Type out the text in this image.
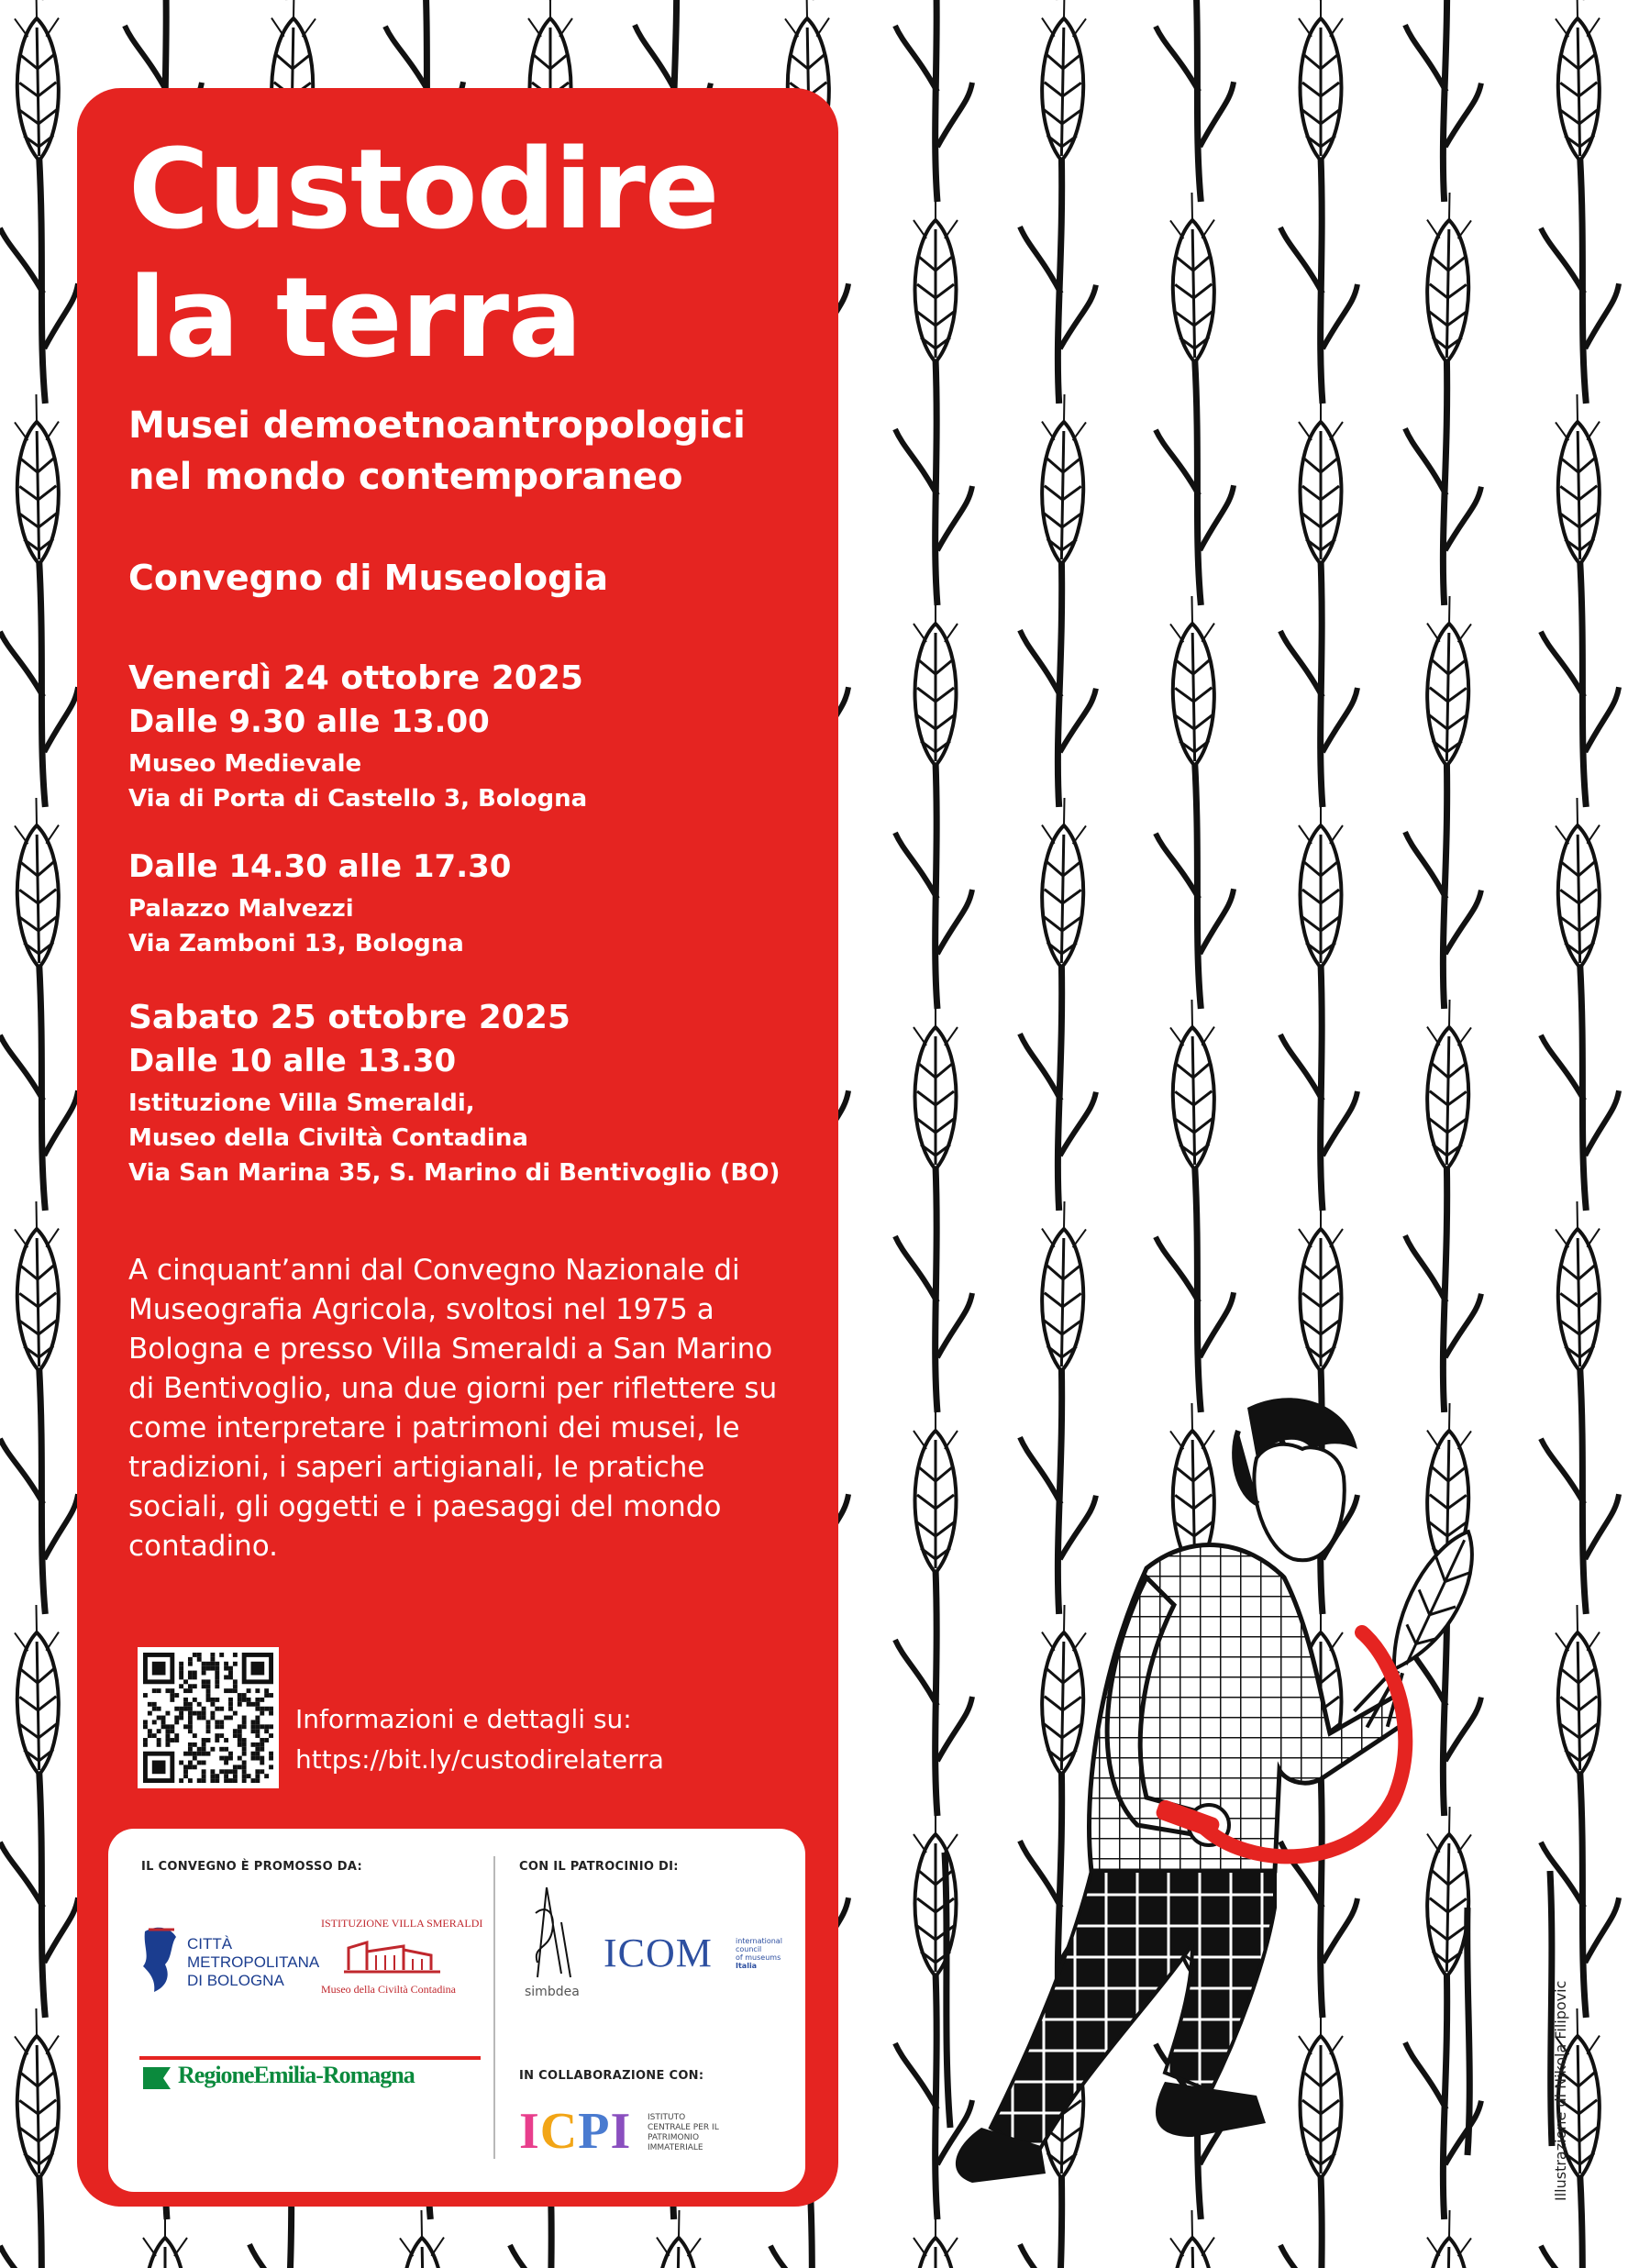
Custodire
la terra

Musei demoetnoantropologici
nel mondo contemporaneo

Convegno di Museologia
Venerdì 24 ottobre 2025
Dalle 9.30 alle 13.00
Museo Medievale
Via di Porta di Castello 3, Bologna
Dalle 14.30 alle 17.30
Palazzo Malvezzi
Via Zamboni 13, Bologna
Sabato 25 ottobre 2025
Dalle 10 alle 13.30
Istituzione Villa Smeraldi,
Museo della Civiltà Contadina
Via San Marina 35, S. Marino di Bentivoglio (BO)

A cinquant’anni dal Convegno Nazionale di Museografia Agricola, svoltosi nel 1975 a Bologna e presso Villa Smeraldi a San Marino di Bentivoglio, una due giorni per riflettere su come interpretare i patrimoni dei musei, le tradizioni, i saperi artigianali, le pratiche sociali, gli oggetti e i paesaggi del mondo contadino.

Informazioni e dettagli su:
https://bit.ly/custodirelaterra
IL CONVEGNO È PROMOSSO DA:	CON IL PATROCINIO DI:
IN COLLABORAZIONE CON:
CITTÀ
METROPOLITANA
DI BOLOGNA
ISTITUZIONE VILLA SMERALDI
Museo della Civiltà Contadina
RegioneEmilia-Romagna
simbdea
ICOM	international
council
of museums
Italia
ICPI ISTITUTO
CENTRALE PER IL
PATRIMONIO
IMMATERIALE	Illustrazione di Nikola Filipovic
